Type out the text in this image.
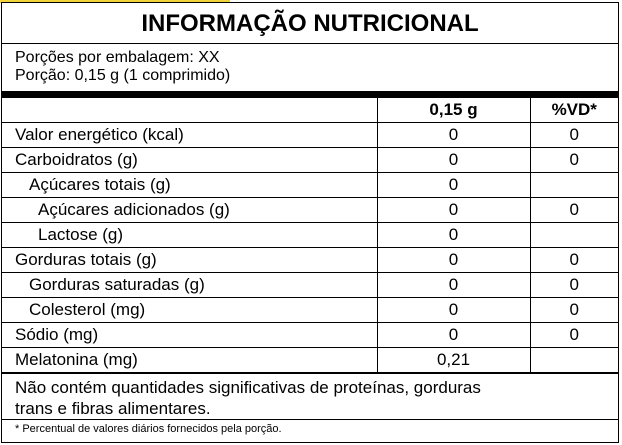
INFORMAÇÃO NUTRICIONAL
Porções por embalagem: XX
Porção: 0,15 g (1 comprimido)
	0,15 g	%VD*
Valor energético (kcal)	0	0
Carboidratos (g)	0	0
Açúcares totais (g)	0	
Açúcares adicionados (g)	0	0
Lactose (g)	0	
Gorduras totais (g)	0	0
Gorduras saturadas (g)	0	0
Colesterol (mg)	0	0
Sódio (mg)	0	0
Melatonina (mg)	0,21	
Não contém quantidades significativas de proteínas, gorduras
trans e fibras alimentares.
* Percentual de valores diários fornecidos pela porção.
